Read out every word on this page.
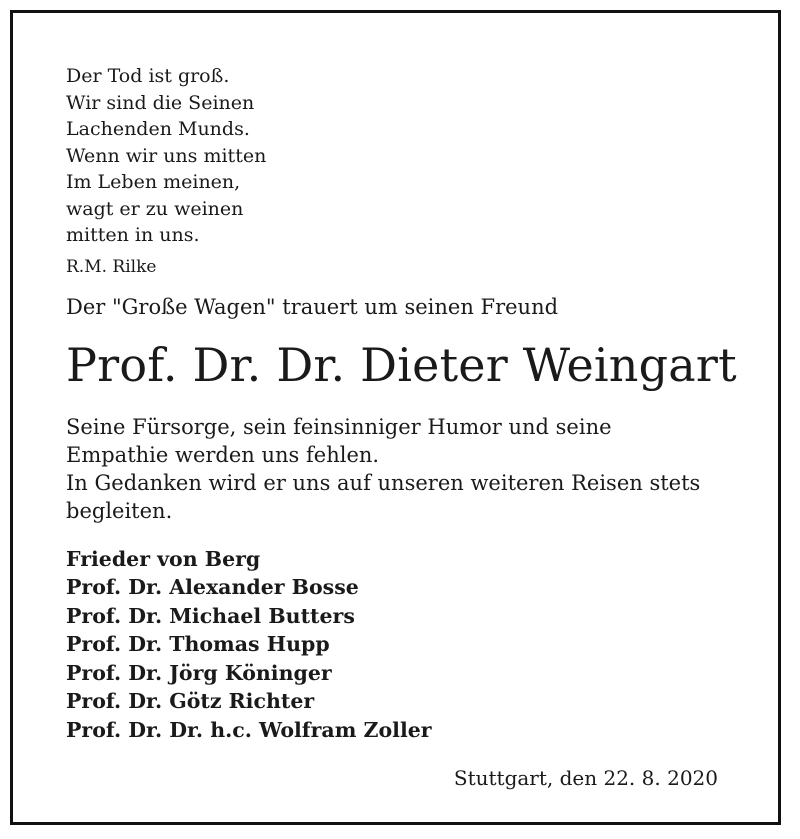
Der Tod ist groß.
Wir sind die Seinen
Lachenden Munds.
Wenn wir uns mitten
Im Leben meinen,
wagt er zu weinen
mitten in uns.
R.M. Rilke
Der "Große Wagen" trauert um seinen Freund
Prof. Dr. Dr. Dieter Weingart
Seine Fürsorge, sein feinsinniger Humor und seine
Empathie werden uns fehlen.
In Gedanken wird er uns auf unseren weiteren Reisen stets
begleiten.
Frieder von Berg
Prof. Dr. Alexander Bosse
Prof. Dr. Michael Butters
Prof. Dr. Thomas Hupp
Prof. Dr. Jörg Köninger
Prof. Dr. Götz Richter
Prof. Dr. Dr. h.c. Wolfram Zoller
Stuttgart, den 22. 8. 2020
